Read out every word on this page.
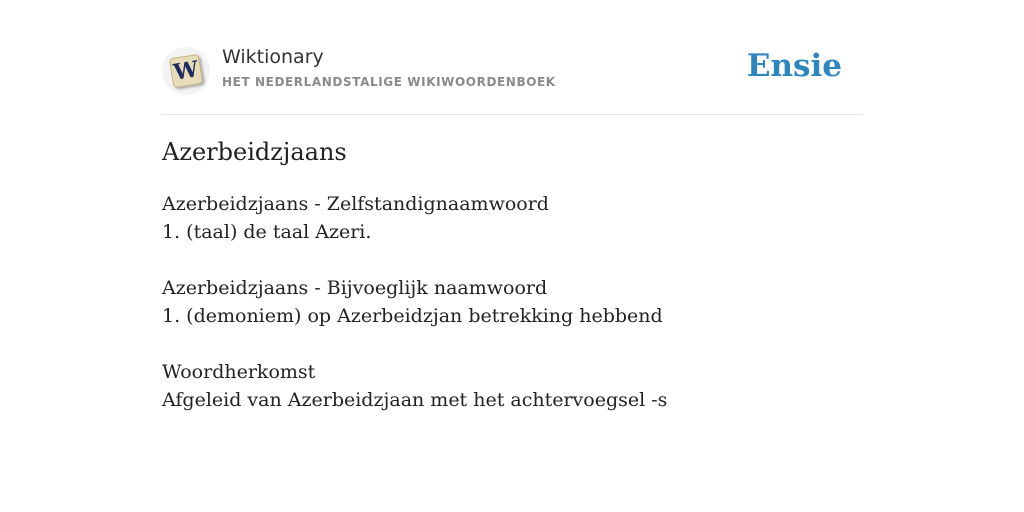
W Wiktionary
HET NEDERLANDSTALIGE WIKIWOORDENBOEK	Ensie
Azerbeidzjaans
Azerbeidzjaans - Zelfstandignaamwoord
1. (taal) de taal Azeri.
Azerbeidzjaans - Bijvoeglijk naamwoord
1. (demoniem) op Azerbeidzjan betrekking hebbend
Woordherkomst
Afgeleid van Azerbeidzjaan met het achtervoegsel -s
